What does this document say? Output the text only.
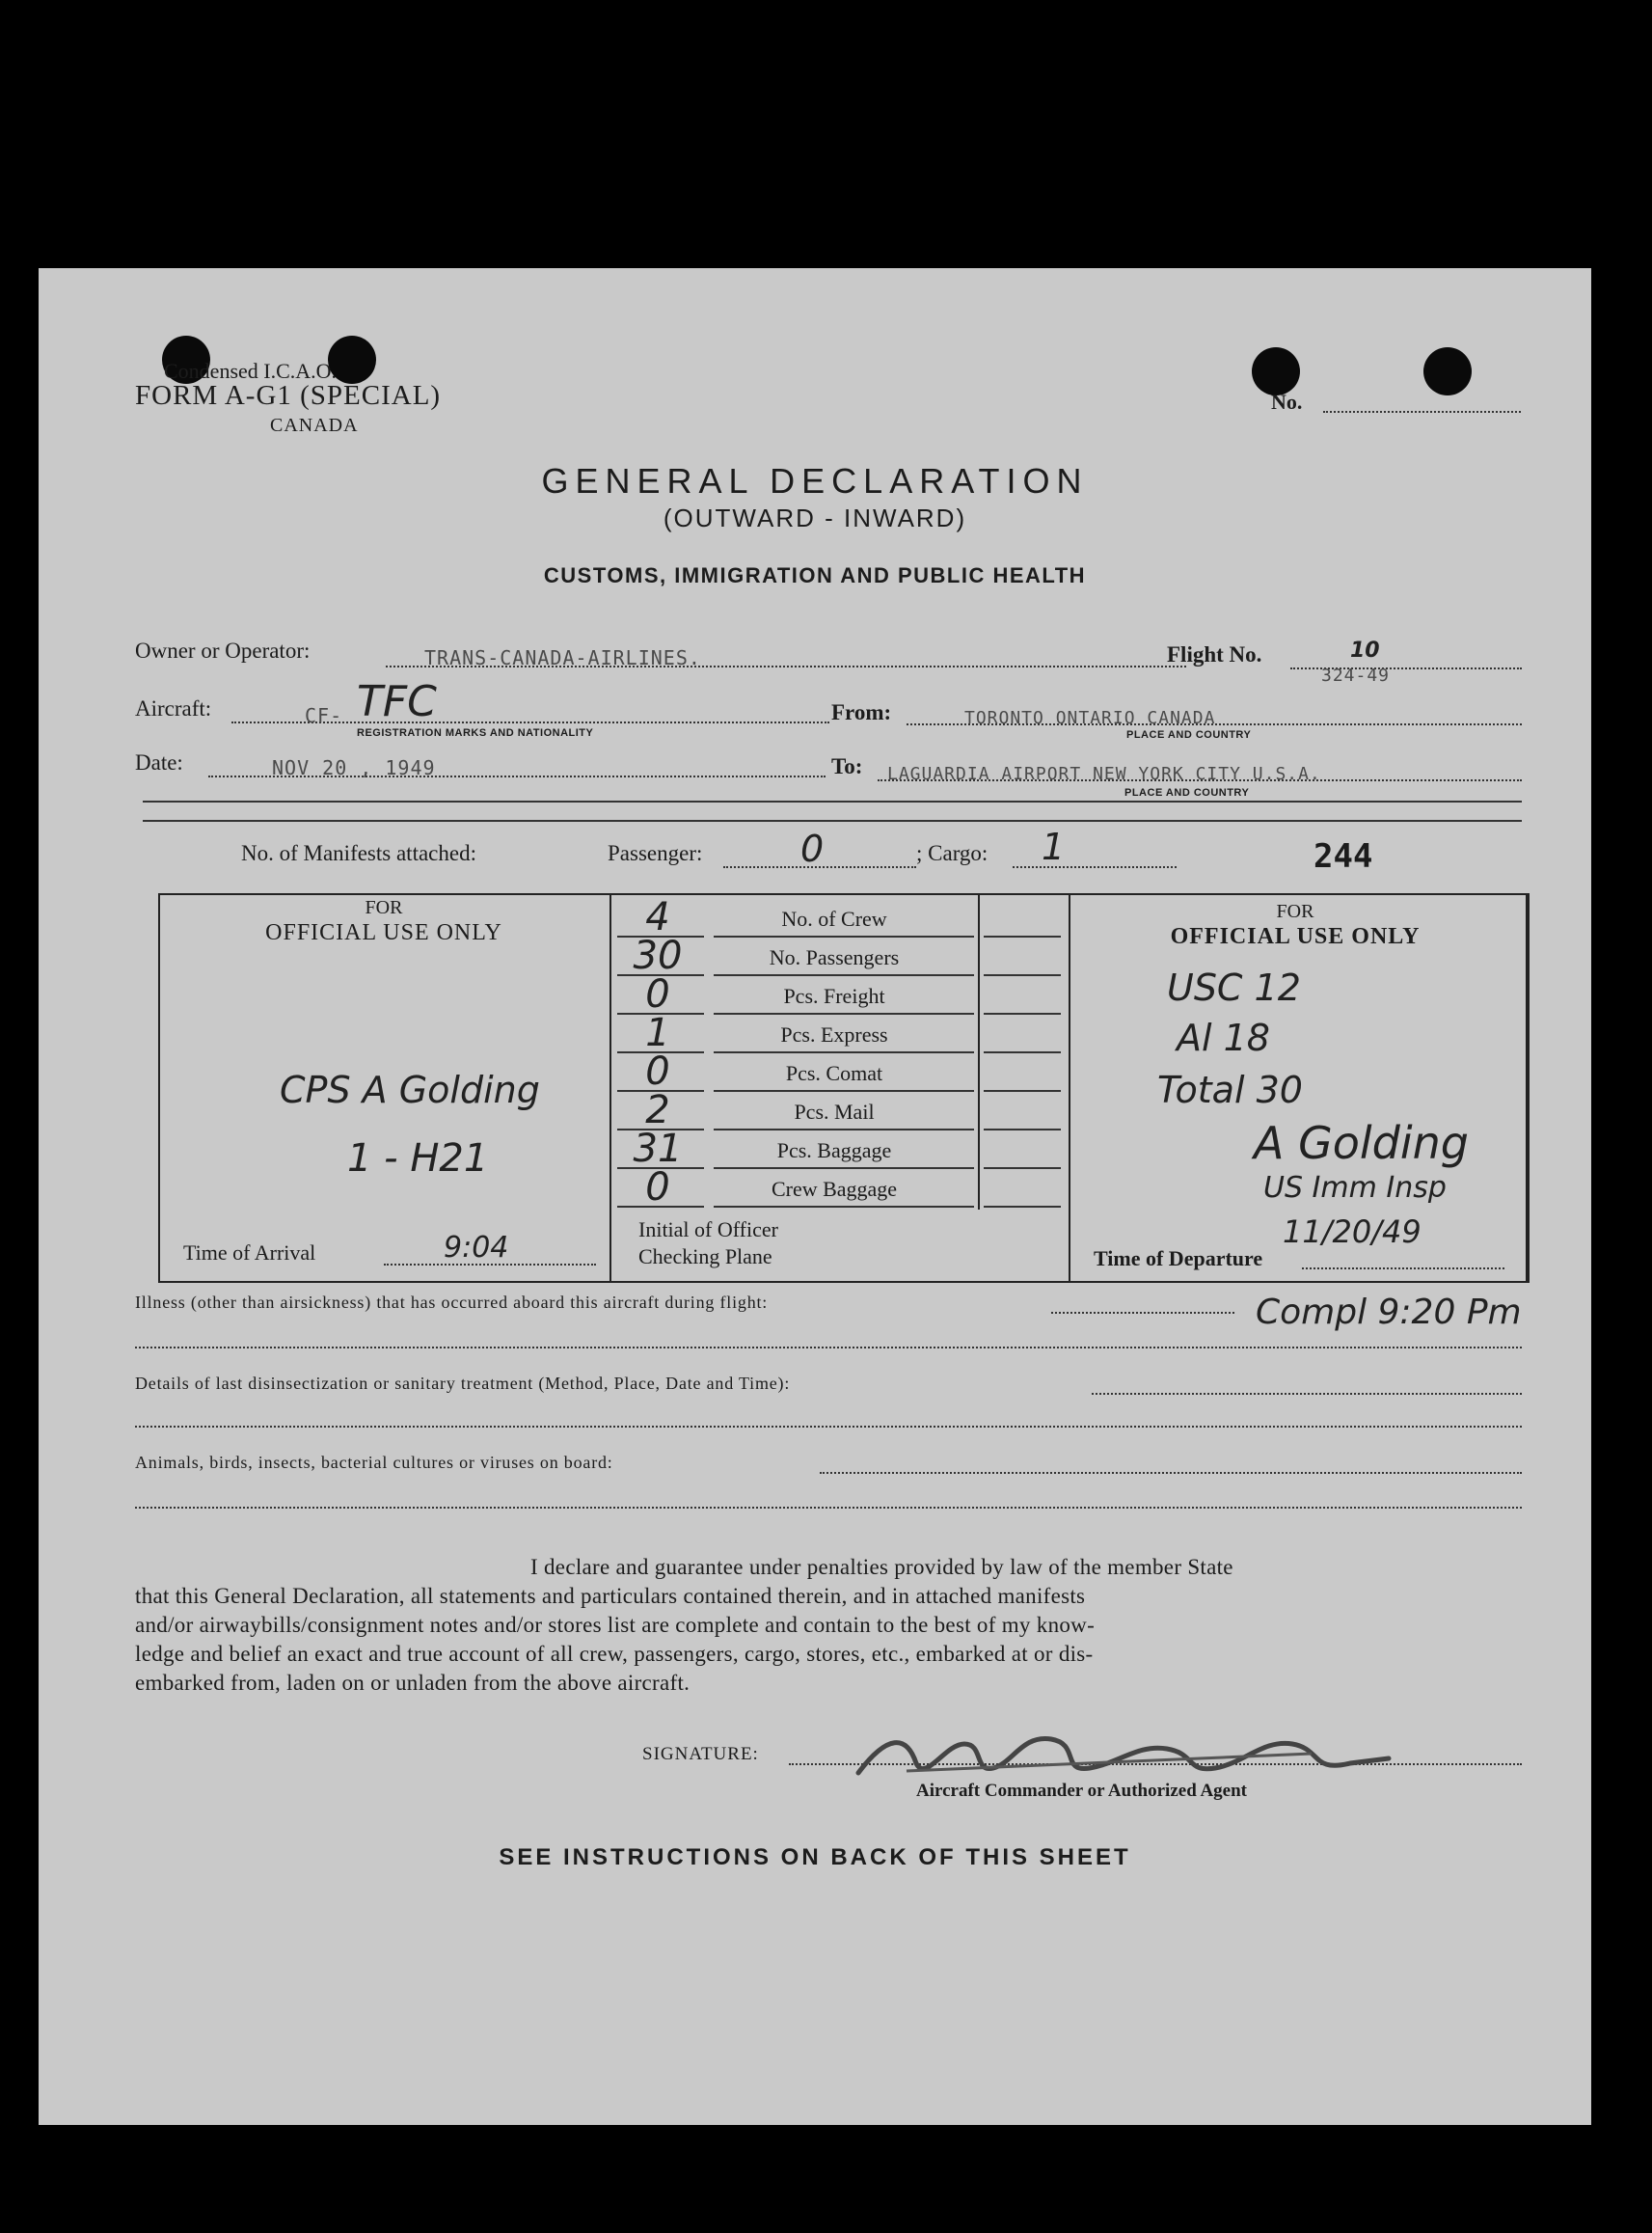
Condensed I.C.A.O.
FORM A-G1 (SPECIAL)
CANADA
No.
GENERAL DECLARATION
(OUTWARD - INWARD)
CUSTOMS, IMMIGRATION AND PUBLIC HEALTH
Owner or Operator:	TRANS-CANADA-AIRLINES.	Flight No.	10
324-49
Aircraft:	CF- TFC
REGISTRATION MARKS AND NATIONALITY
From:	TORONTO ONTARIO CANADA
PLACE AND COUNTRY
Date:	NOV 20 , 1949	To: LAGUARDIA AIRPORT NEW YORK CITY U.S.A.
PLACE AND COUNTRY
No. of Manifests attached:	Passenger:	0	; Cargo: 1	244
FOR
OFFICIAL USE ONLY
CPS A Golding
1 - H21
Time of Arrival	9:04
4	No. of Crew
30	No. Passengers
0	Pcs. Freight
1	Pcs. Express
0	Pcs. Comat
2	Pcs. Mail
31	Pcs. Baggage
0	Crew Baggage
Initial of Officer
Checking Plane
FOR
OFFICIAL USE ONLY
USC 12
Al 18
Total 30
A Golding
US Imm Insp
11/20/49
Time of Departure
Illness (other than airsickness) that has occurred aboard this aircraft during flight:	Compl 9:20 Pm
Details of last disinsectization or sanitary treatment (Method, Place, Date and Time):
Animals, birds, insects, bacterial cultures or viruses on board:
I declare and guarantee under penalties provided by law of the member State
that this General Declaration, all statements and particulars contained therein, and in attached manifests
and/or airwaybills/consignment notes and/or stores list are complete and contain to the best of my know-
ledge and belief an exact and true account of all crew, passengers, cargo, stores, etc., embarked at or dis-
embarked from, laden on or unladen from the above aircraft.
SIGNATURE:
Aircraft Commander or Authorized Agent
SEE INSTRUCTIONS ON BACK OF THIS SHEET
